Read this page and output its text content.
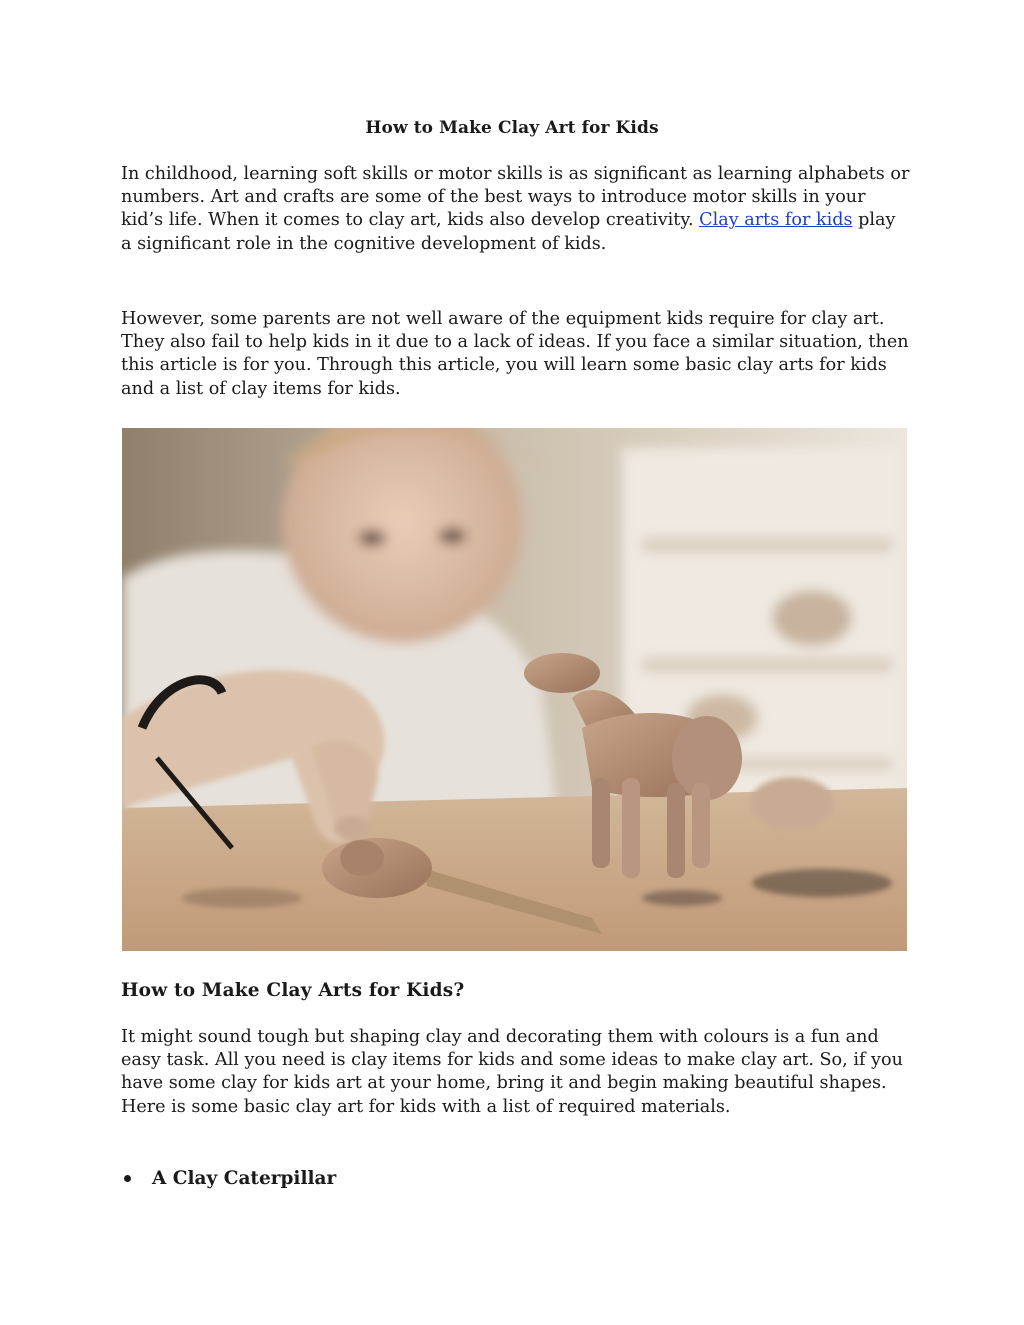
How to Make Clay Art for Kids

In childhood, learning soft skills or motor skills is as significant as learning alphabets or numbers. Art and crafts are some of the best ways to introduce motor skills in your kid’s life. When it comes to clay art, kids also develop creativity. Clay arts for kids play a significant role in the cognitive development of kids.

However, some parents are not well aware of the equipment kids require for clay art. They also fail to help kids in it due to a lack of ideas. If you face a similar situation, then this article is for you. Through this article, you will learn some basic clay arts for kids and a list of clay items for kids.

How to Make Clay Arts for Kids?

It might sound tough but shaping clay and decorating them with colours is a fun and easy task. All you need is clay items for kids and some ideas to make clay art. So, if you have some clay for kids art at your home, bring it and begin making beautiful shapes.
Here is some basic clay art for kids with a list of required materials.

A Clay Caterpillar
